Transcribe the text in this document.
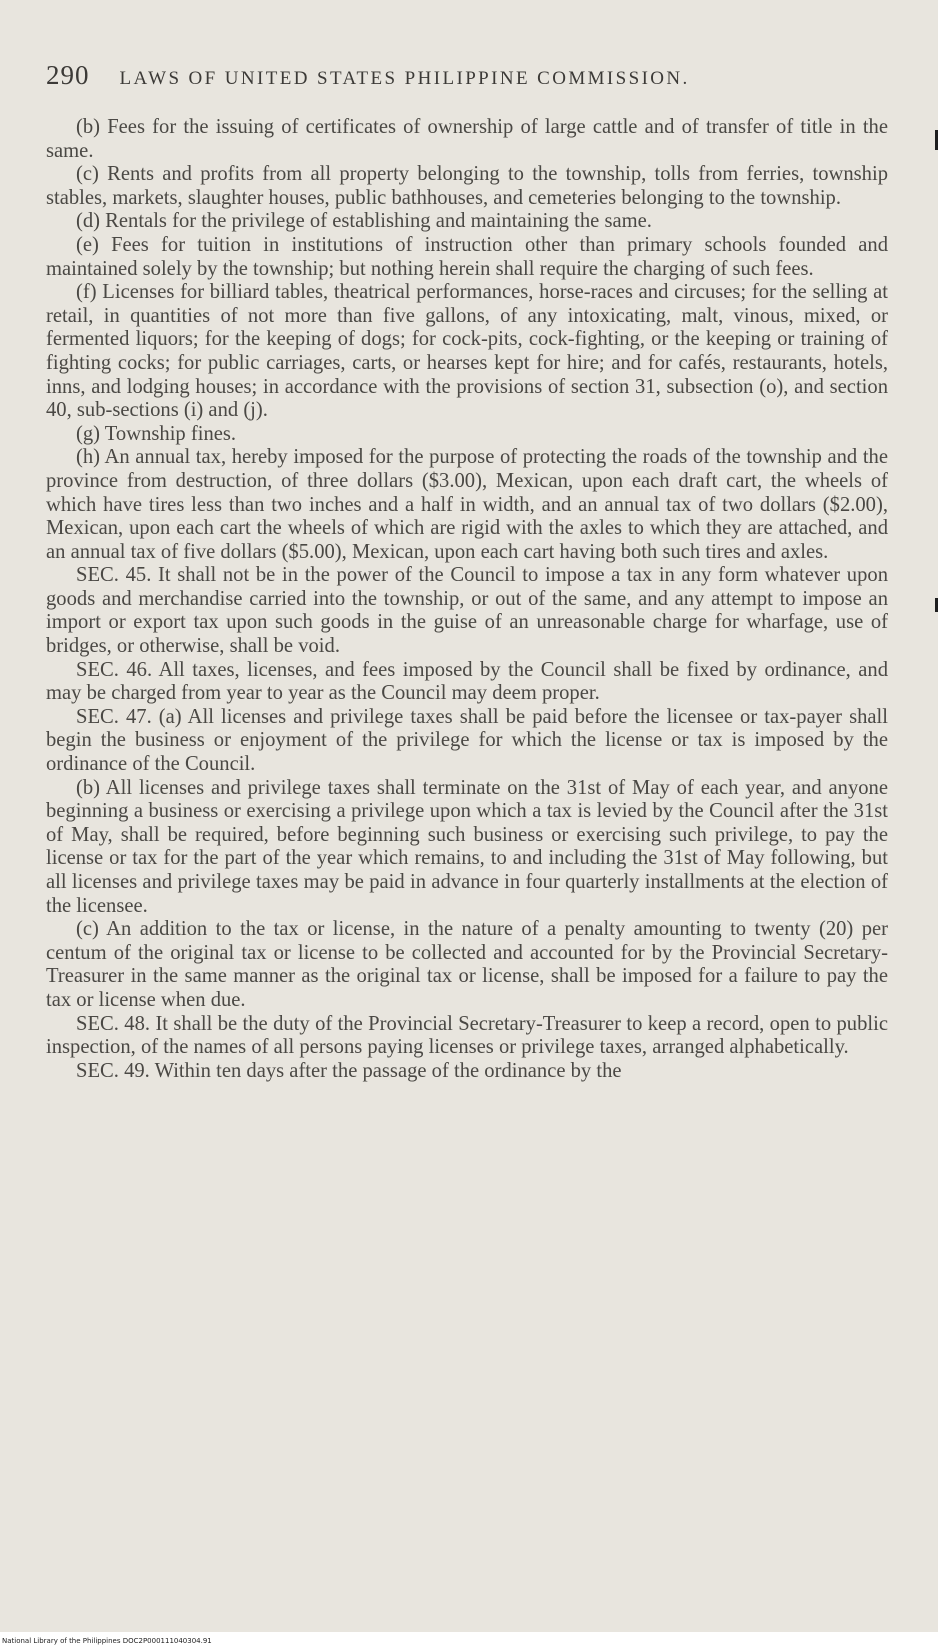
290 LAWS OF UNITED STATES PHILIPPINE COMMISSION.

(b) Fees for the issuing of certificates of ownership of large cattle and of transfer of title in the same.

(c) Rents and profits from all property belonging to the township, tolls from ferries, township stables, markets, slaughter houses, public bathhouses, and cemeteries belonging to the township.

(d) Rentals for the privilege of establishing and maintaining the same.

(e) Fees for tuition in institutions of instruction other than primary schools founded and maintained solely by the township; but nothing herein shall require the charging of such fees.

(f) Licenses for billiard tables, theatrical performances, horse-races and circuses; for the selling at retail, in quantities of not more than five gallons, of any intoxicating, malt, vinous, mixed, or fermented liquors; for the keeping of dogs; for cock-pits, cock-fighting, or the keeping or training of fighting cocks; for public carriages, carts, or hearses kept for hire; and for cafés, restaurants, hotels, inns, and lodging houses; in accordance with the provisions of section 31, subsection (o), and section 40, sub-sections (i) and (j).

(g) Township fines.

(h) An annual tax, hereby imposed for the purpose of protecting the roads of the township and the province from destruction, of three dollars ($3.00), Mexican, upon each draft cart, the wheels of which have tires less than two inches and a half in width, and an annual tax of two dollars ($2.00), Mexican, upon each cart the wheels of which are rigid with the axles to which they are attached, and an annual tax of five dollars ($5.00), Mexican, upon each cart having both such tires and axles.

SEC. 45. It shall not be in the power of the Council to impose a tax in any form whatever upon goods and merchandise carried into the township, or out of the same, and any attempt to impose an import or export tax upon such goods in the guise of an unreasonable charge for wharfage, use of bridges, or otherwise, shall be void.

SEC. 46. All taxes, licenses, and fees imposed by the Council shall be fixed by ordinance, and may be charged from year to year as the Council may deem proper.

SEC. 47. (a) All licenses and privilege taxes shall be paid before the licensee or tax-payer shall begin the business or enjoyment of the privilege for which the license or tax is imposed by the ordinance of the Council.

(b) All licenses and privilege taxes shall terminate on the 31st of May of each year, and anyone beginning a business or exercising a privilege upon which a tax is levied by the Council after the 31st of May, shall be required, before beginning such business or exercising such privilege, to pay the license or tax for the part of the year which remains, to and including the 31st of May following, but all licenses and privilege taxes may be paid in advance in four quarterly installments at the election of the licensee.

(c) An addition to the tax or license, in the nature of a penalty amounting to twenty (20) per centum of the original tax or license to be collected and accounted for by the Provincial Secretary-Treasurer in the same manner as the original tax or license, shall be imposed for a failure to pay the tax or license when due.

SEC. 48. It shall be the duty of the Provincial Secretary-Treasurer to keep a record, open to public inspection, of the names of all persons paying licenses or privilege taxes, arranged alphabetically.

SEC. 49. Within ten days after the passage of the ordinance by the

National Library of the Philippines DOC2P000111040304.91
